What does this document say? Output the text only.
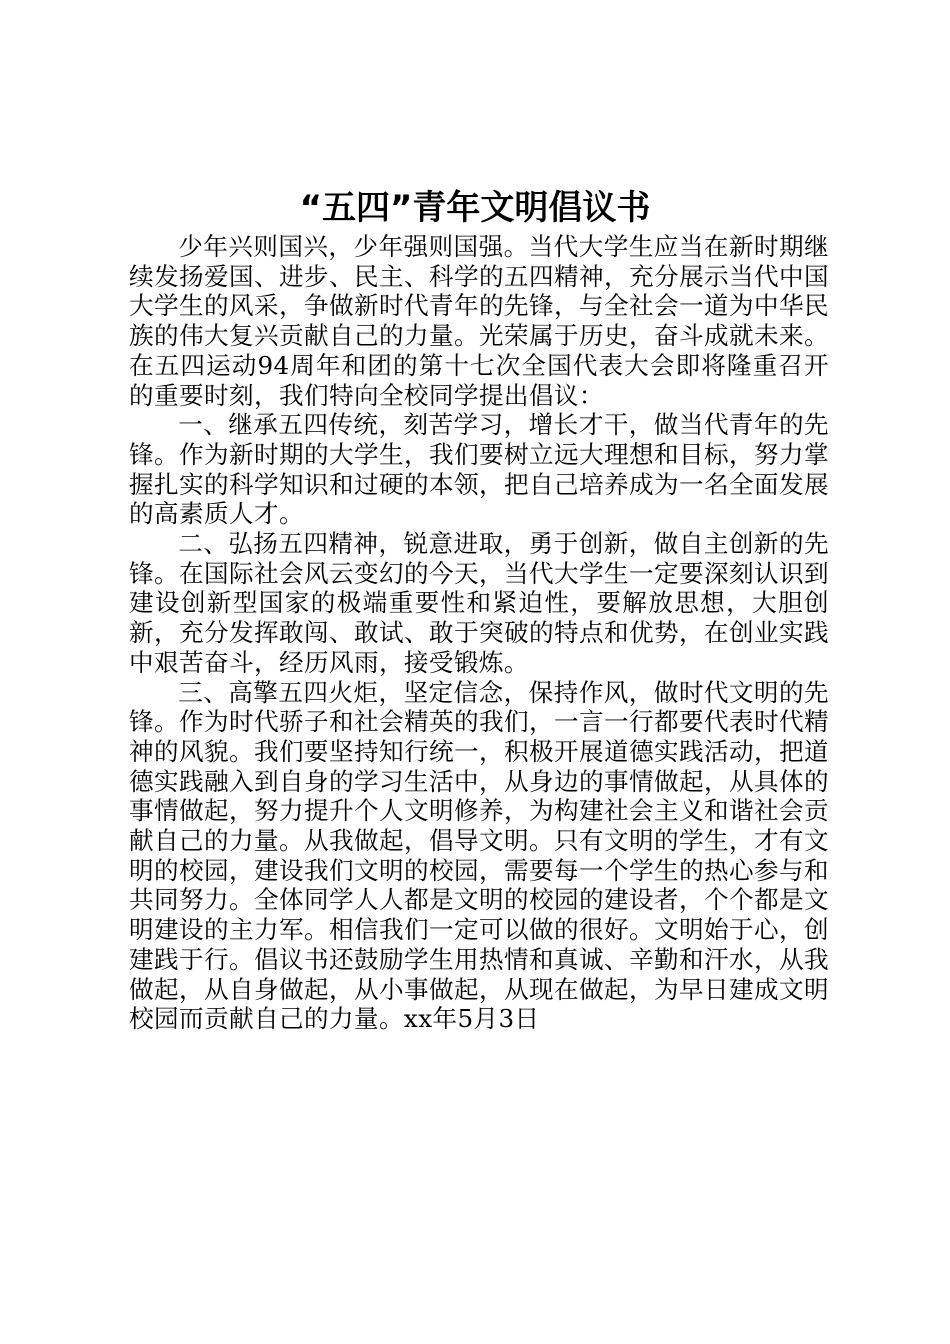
“五四”青年文明倡议书

少年兴则国兴，少年强则国强。当代大学生应当在新时期继续发扬爱国、进步、民主、科学的五四精神，充分展示当代中国大学生的风采，争做新时代青年的先锋，与全社会一道为中华民族的伟大复兴贡献自己的力量。光荣属于历史，奋斗成就未来。在五四运动94周年和团的第十七次全国代表大会即将隆重召开的重要时刻，我们特向全校同学提出倡议：

一、继承五四传统，刻苦学习，增长才干，做当代青年的先锋。作为新时期的大学生，我们要树立远大理想和目标，努力掌握扎实的科学知识和过硬的本领，把自己培养成为一名全面发展的高素质人才。

二、弘扬五四精神，锐意进取，勇于创新，做自主创新的先锋。在国际社会风云变幻的今天，当代大学生一定要深刻认识到建设创新型国家的极端重要性和紧迫性，要解放思想，大胆创新，充分发挥敢闯、敢试、敢于突破的特点和优势，在创业实践中艰苦奋斗，经历风雨，接受锻炼。

三、高擎五四火炬，坚定信念，保持作风，做时代文明的先锋。作为时代骄子和社会精英的我们，一言一行都要代表时代精神的风貌。我们要坚持知行统一，积极开展道德实践活动，把道德实践融入到自身的学习生活中，从身边的事情做起，从具体的事情做起，努力提升个人文明修养，为构建社会主义和谐社会贡献自己的力量。从我做起，倡导文明。只有文明的学生，才有文明的校园，建设我们文明的校园，需要每一个学生的热心参与和共同努力。全体同学人人都是文明的校园的建设者，个个都是文明建设的主力军。相信我们一定可以做的很好。文明始于心，创建践于行。倡议书还鼓励学生用热情和真诚、辛勤和汗水，从我做起，从自身做起，从小事做起，从现在做起，为早日建成文明校园而贡献自己的力量。xx年5月3日
